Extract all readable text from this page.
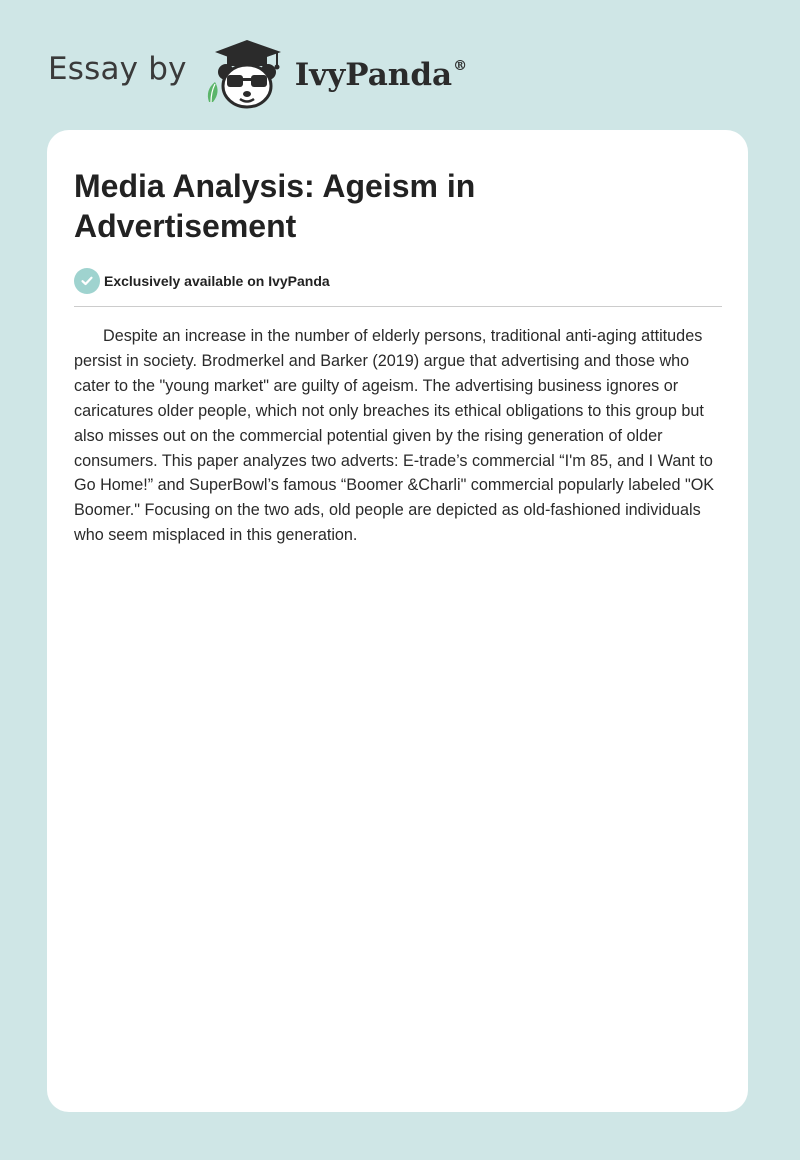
Essay by	IvyPanda®
Media Analysis: Ageism in Advertisement
Exclusively available on IvyPanda

Despite an increase in the number of elderly persons, traditional anti-aging attitudes persist in society. Brodmerkel and Barker (2019) argue that advertising and those who cater to the "young market" are guilty of ageism. The advertising business ignores or caricatures older people, which not only breaches its ethical obligations to this group but also misses out on the commercial potential given by the rising generation of older consumers. This paper analyzes two adverts: E-trade’s commercial “I'm 85, and I Want to Go Home!” and SuperBowl’s famous “Boomer &Charli" commercial popularly labeled "OK Boomer." Focusing on the two ads, old people are depicted as old-fashioned individuals who seem misplaced in this generation.
